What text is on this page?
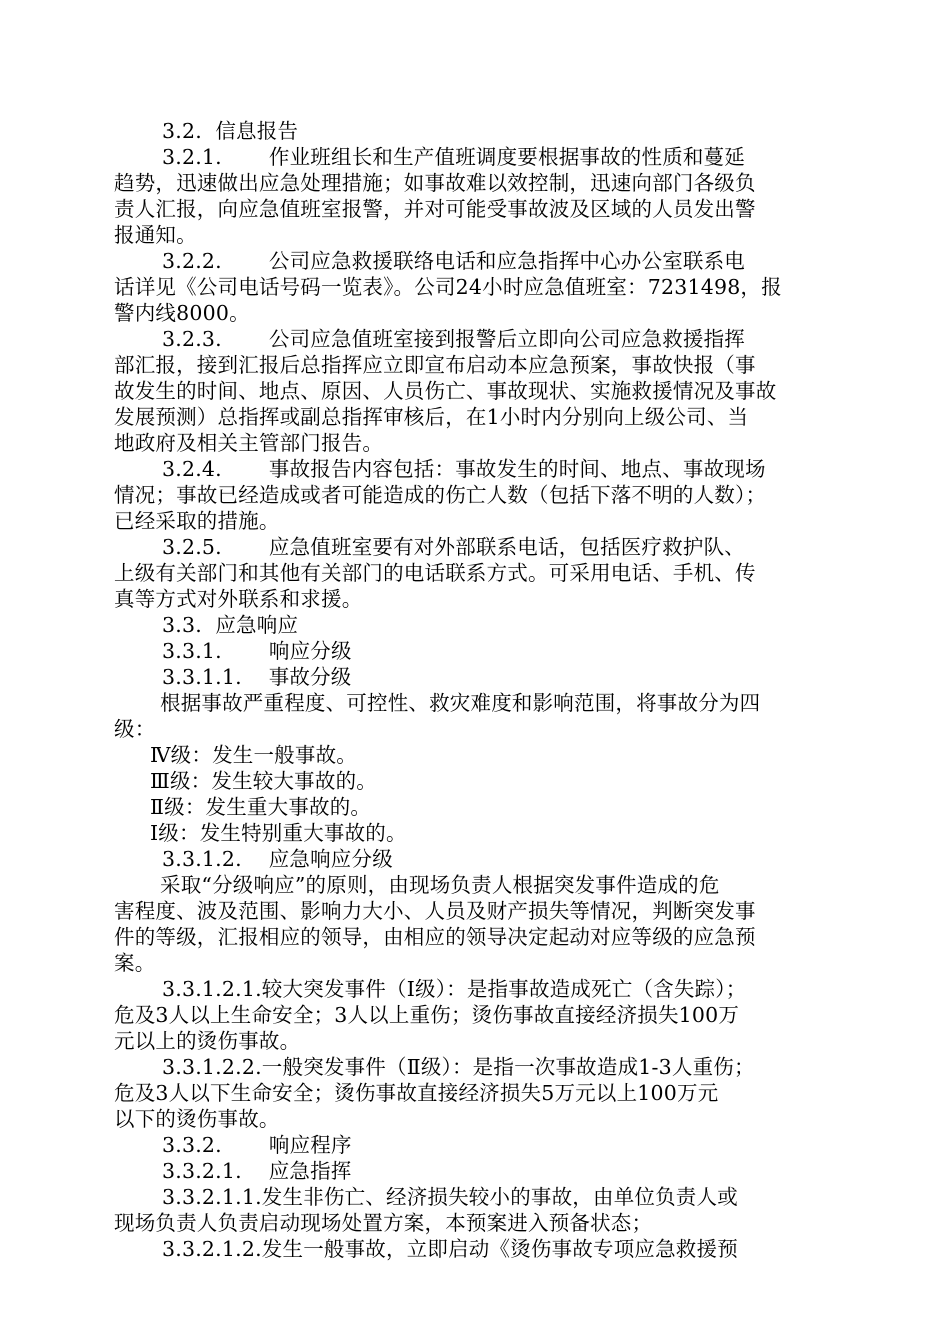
3.2.  信息报告
3.2.1.       作业班组长和生产值班调度要根据事故的性质和蔓延
趋势，迅速做出应急处理措施；如事故难以效控制，迅速向部门各级负
责人汇报，向应急值班室报警，并对可能受事故波及区域的人员发出警
报通知。
3.2.2.       公司应急救援联络电话和应急指挥中心办公室联系电
话详见《公司电话号码一览表》。公司24小时应急值班室：7231498，报
警内线8000。
3.2.3.       公司应急值班室接到报警后立即向公司应急救援指挥
部汇报，接到汇报后总指挥应立即宣布启动本应急预案，事故快报（事
故发生的时间、地点、原因、人员伤亡、事故现状、实施救援情况及事故
发展预测）总指挥或副总指挥审核后，在1小时内分别向上级公司、当
地政府及相关主管部门报告。
3.2.4.       事故报告内容包括：事故发生的时间、地点、事故现场
情况；事故已经造成或者可能造成的伤亡人数（包括下落不明的人数）；
已经采取的措施。
3.2.5.       应急值班室要有对外部联系电话，包括医疗救护队、
上级有关部门和其他有关部门的电话联系方式。可采用电话、手机、传
真等方式对外联系和求援。
3.3.  应急响应
3.3.1.       响应分级
3.3.1.1.    事故分级
根据事故严重程度、可控性、救灾难度和影响范围，将事故分为四
级：
Ⅳ级：发生一般事故。
Ⅲ级：发生较大事故的。
Ⅱ级：发生重大事故的。
Ⅰ级：发生特别重大事故的。
3.3.1.2.    应急响应分级
采取“分级响应”的原则，由现场负责人根据突发事件造成的危
害程度、波及范围、影响力大小、人员及财产损失等情况，判断突发事
件的等级，汇报相应的领导，由相应的领导决定起动对应等级的应急预
案。
3.3.1.2.1.较大突发事件（Ⅰ级）：是指事故造成死亡（含失踪）；
危及3人以上生命安全；3人以上重伤；烫伤事故直接经济损失100万
元以上的烫伤事故。
3.3.1.2.2.一般突发事件（Ⅱ级）：是指一次事故造成1-3人重伤；
危及3人以下生命安全；烫伤事故直接经济损失5万元以上100万元
以下的烫伤事故。
3.3.2.       响应程序
3.3.2.1.    应急指挥
3.3.2.1.1.发生非伤亡、经济损失较小的事故，由单位负责人或
现场负责人负责启动现场处置方案，本预案进入预备状态；
3.3.2.1.2.发生一般事故，立即启动《烫伤事故专项应急救援预
